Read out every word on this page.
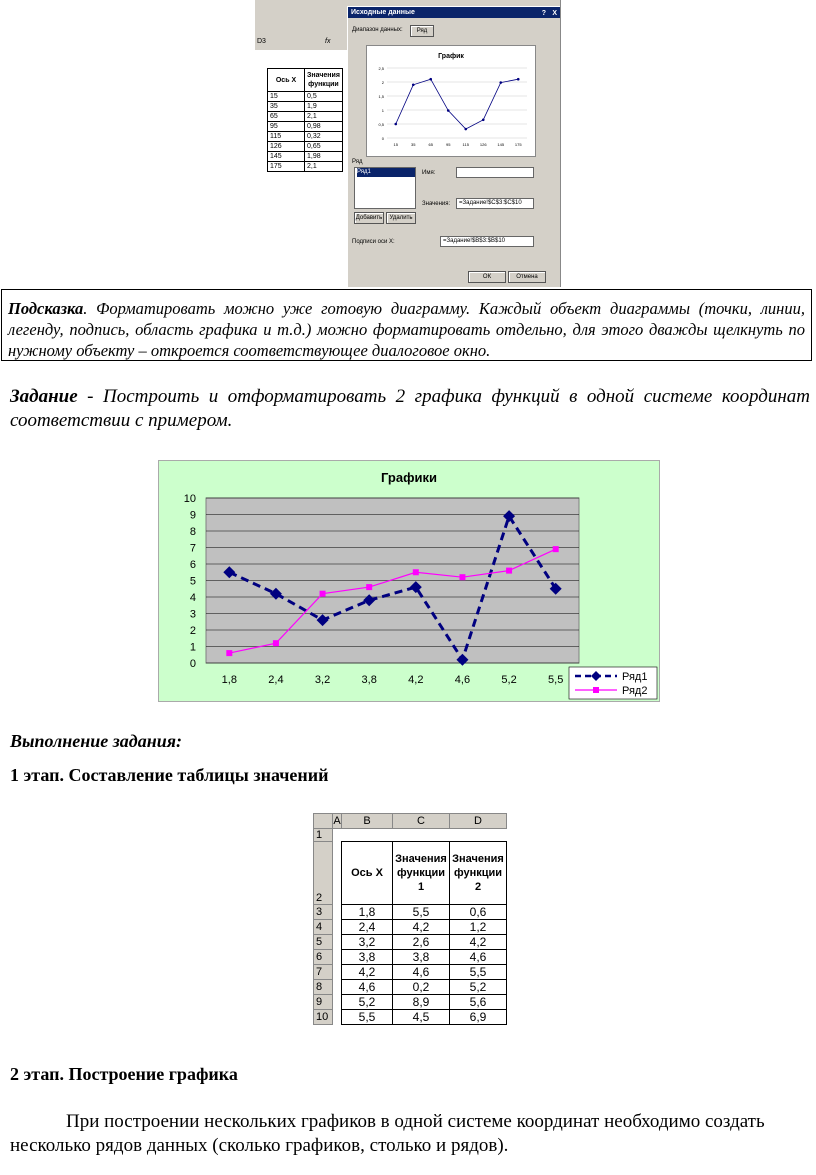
D3	fx
Ось X	Значения функции
15	0,5
35	1,9
65	2,1
95	0,98
115	0,32
126	0,65
145	1,98
175	2,1
Исходные данные	? X
Диапазон данных:	Ряд
График
2,5
2
1,5
1
0,5
0
15	35	65	95	115	126	145	175
Ряд
Ряд1	Имя:
Значения:	=Задание!$C$3:$C$10
Добавить	Удалить
Подписи оси X:	=Задание!$B$3:$B$10
ОК	Отмена
Подсказка. Форматировать можно уже готовую диаграмму. Каждый объект диаграммы (точки, линии, легенду, подпись, область графика и т.д.) можно форматировать отдельно, для этого дважды щелкнуть по нужному объекту – откроется соответствующее диалоговое окно.
Задание - Построить и отформатировать 2 графика функций в одной системе координат соответствии с примером.
Графики
0
1
2
3
4
5
6
7
8
9
10
1,8	2,4	3,2	3,8	4,2	4,6	5,2	5,5	Ряд1
Ряд2
Выполнение задания:
1 этап. Составление таблицы значений
	A	B	C	D
1				
2		Ось X	Значения функции 1	Значения функции 2
3		1,8	5,5	0,6
4		2,4	4,2	1,2
5		3,2	2,6	4,2
6		3,8	3,8	4,6
7		4,2	4,6	5,5
8		4,6	0,2	5,2
9		5,2	8,9	5,6
10		5,5	4,5	6,9
2 этап. Построение графика
При построении нескольких графиков в одной системе координат необходимо создать несколько рядов данных (сколько графиков, столько и рядов).
